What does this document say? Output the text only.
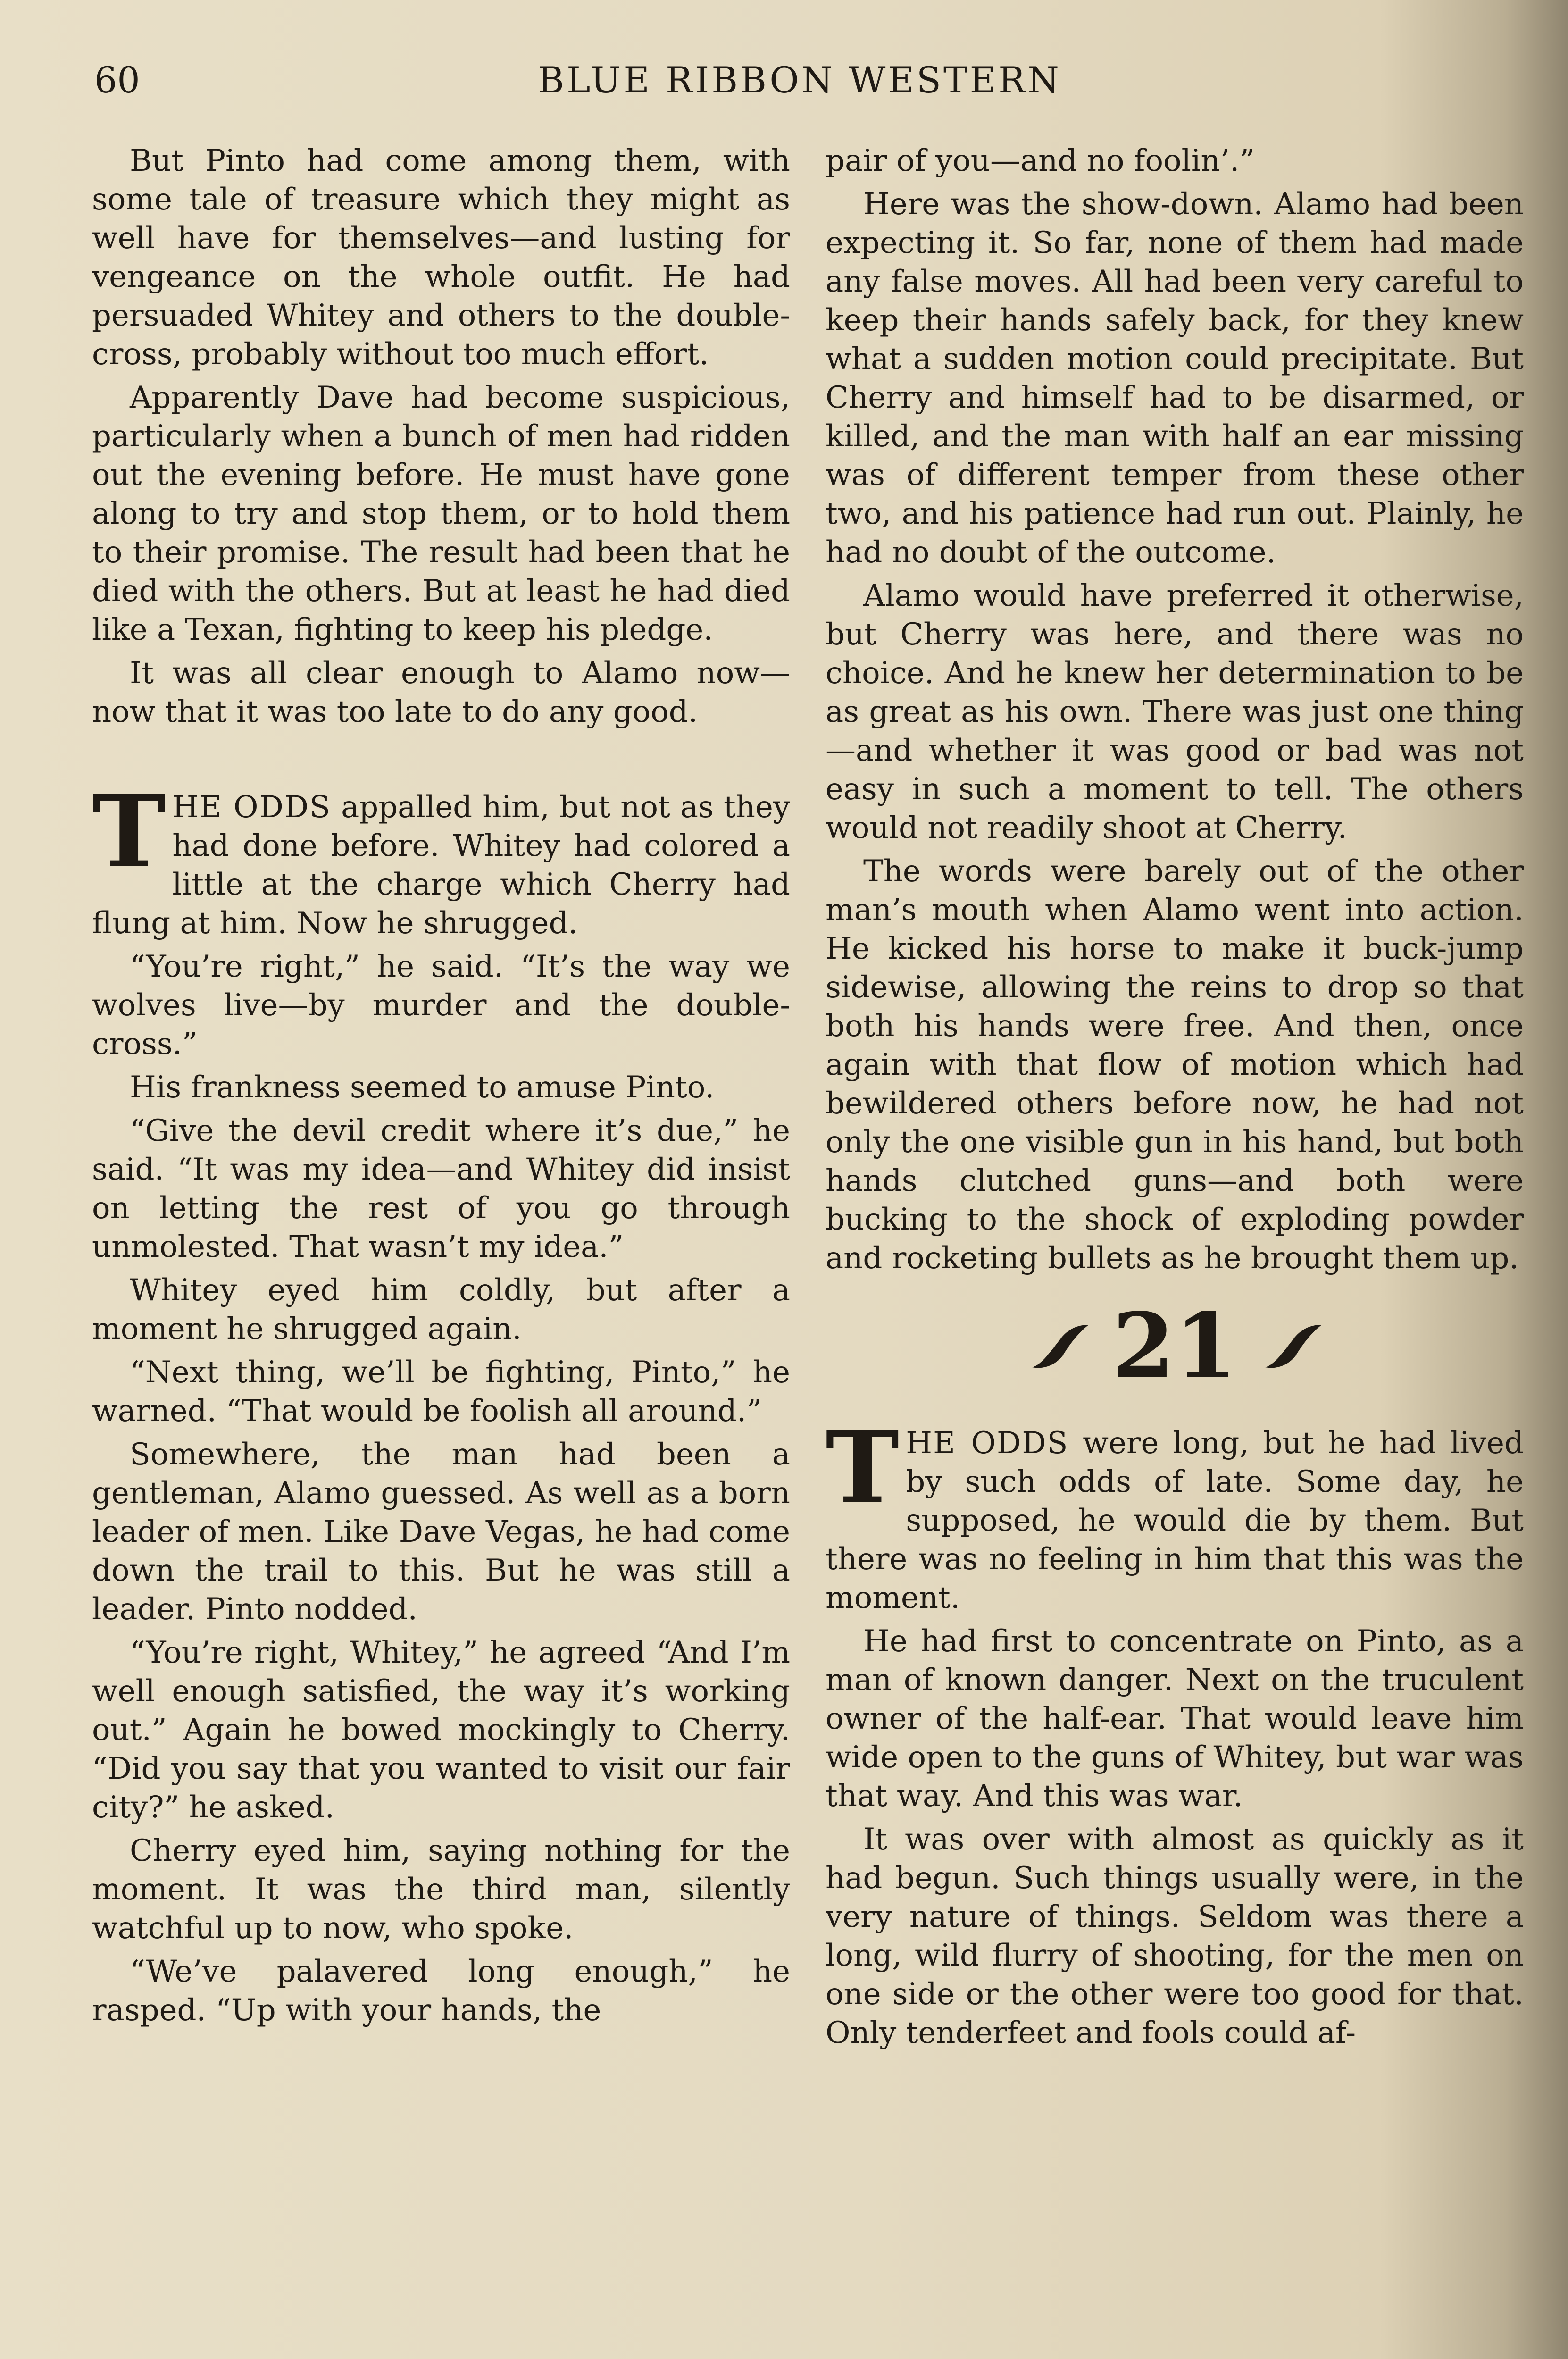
60	BLUE RIBBON WESTERN

But Pinto had come among them, with some tale of treasure which they might as well have for themselves—and lusting for vengeance on the whole outfit. He had persuaded Whitey and others to the double-cross, probably without too much effort.

Apparently Dave had become suspicious, particularly when a bunch of men had ridden out the evening before. He must have gone along to try and stop them, or to hold them to their promise. The result had been that he died with the others. But at least he had died like a Texan, fighting to keep his pledge.

It was all clear enough to Alamo now—now that it was too late to do any good.

THE ODDS appalled him, but not as they had done before. Whitey had colored a little at the charge which Cherry had flung at him. Now he shrugged.

“You’re right,” he said. “It’s the way we wolves live—by murder and the double-cross.”

His frankness seemed to amuse Pinto.

“Give the devil credit where it’s due,” he said. “It was my idea—and Whitey did insist on letting the rest of you go through unmolested. That wasn’t my idea.”

Whitey eyed him coldly, but after a moment he shrugged again.

“Next thing, we’ll be fighting, Pinto,” he warned. “That would be foolish all around.”

Somewhere, the man had been a gentleman, Alamo guessed. As well as a born leader of men. Like Dave Vegas, he had come down the trail to this. But he was still a leader. Pinto nodded.

“You’re right, Whitey,” he agreed “And I’m well enough satisfied, the way it’s working out.” Again he bowed mockingly to Cherry. “Did you say that you wanted to visit our fair city?” he asked.

Cherry eyed him, saying nothing for the moment. It was the third man, silently watchful up to now, who spoke.

“We’ve palavered long enough,” he rasped. “Up with your hands, the

pair of you—and no foolin’.”

Here was the show-down. Alamo had been expecting it. So far, none of them had made any false moves. All had been very careful to keep their hands safely back, for they knew what a sudden motion could precipitate. But Cherry and himself had to be disarmed, or killed, and the man with half an ear missing was of different temper from these other two, and his patience had run out. Plainly, he had no doubt of the outcome.

Alamo would have preferred it otherwise, but Cherry was here, and there was no choice. And he knew her determination to be as great as his own. There was just one thing—and whether it was good or bad was not easy in such a moment to tell. The others would not readily shoot at Cherry.

The words were barely out of the other man’s mouth when Alamo went into action. He kicked his horse to make it buck-jump sidewise, allowing the reins to drop so that both his hands were free. And then, once again with that flow of motion which had bewildered others before now, he had not only the one visible gun in his hand, but both hands clutched guns—and both were bucking to the shock of exploding powder and rocketing bullets as he brought them up.

21

THE ODDS were long, but he had lived by such odds of late. Some day, he supposed, he would die by them. But there was no feeling in him that this was the moment.

He had first to concentrate on Pinto, as a man of known danger. Next on the truculent owner of the half-ear. That would leave him wide open to the guns of Whitey, but war was that way. And this was war.

It was over with almost as quickly as it had begun. Such things usually were, in the very nature of things. Seldom was there a long, wild flurry of shooting, for the men on one side or the other were too good for that. Only tenderfeet and fools could af-
